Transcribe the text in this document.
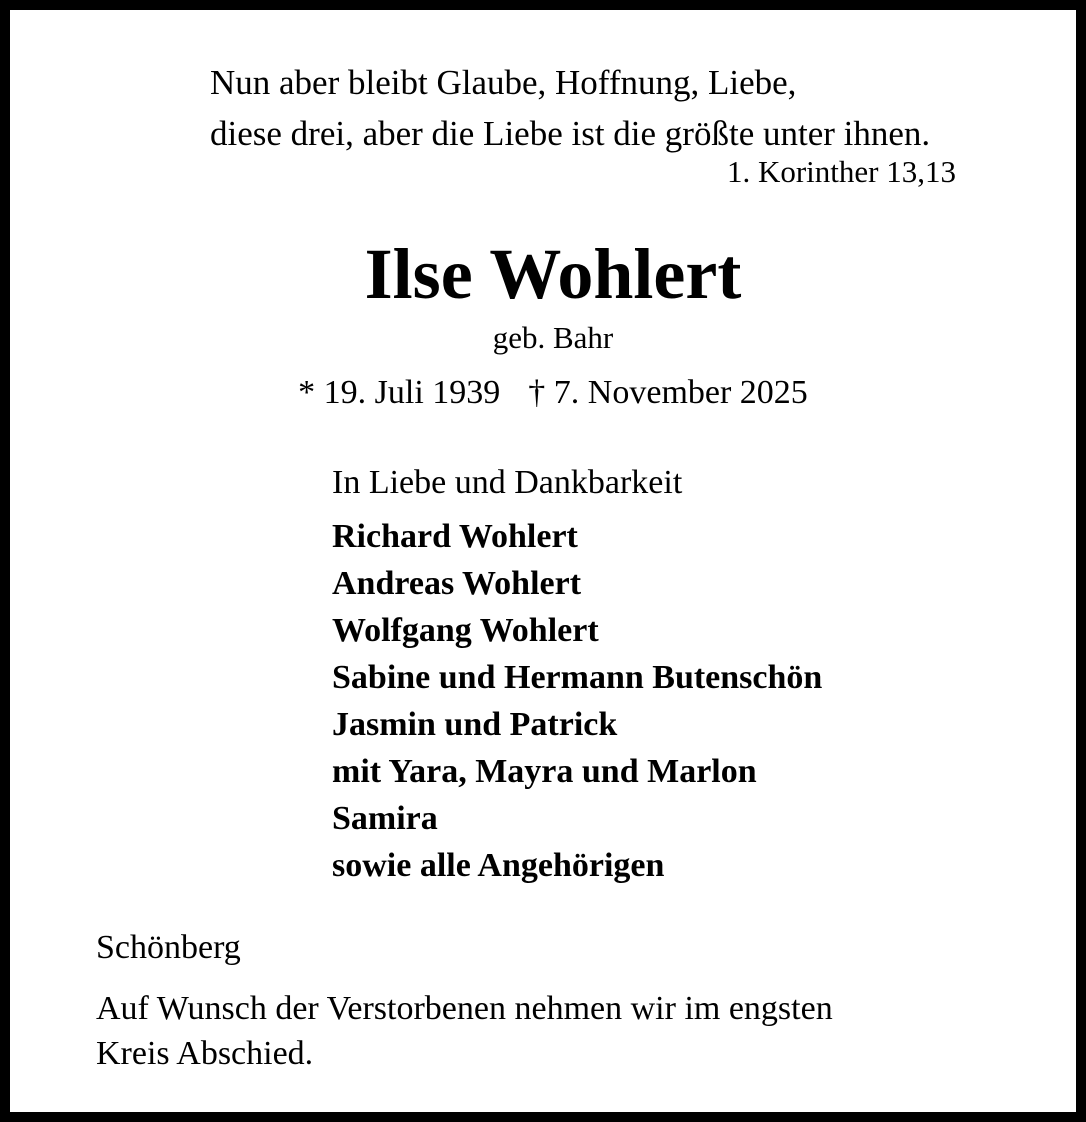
Nun aber bleibt Glaube, Hoffnung, Liebe,
diese drei, aber die Liebe ist die größte unter ihnen.
1. Korinther 13,13
Ilse Wohlert
geb. Bahr
* 19. Juli 1939 † 7. November 2025
In Liebe und Dankbarkeit
Richard Wohlert
Andreas Wohlert
Wolfgang Wohlert
Sabine und Hermann Butenschön
Jasmin und Patrick
mit Yara, Mayra und Marlon
Samira
sowie alle Angehörigen
Schönberg
Auf Wunsch der Verstorbenen nehmen wir im engsten
Kreis Abschied.
